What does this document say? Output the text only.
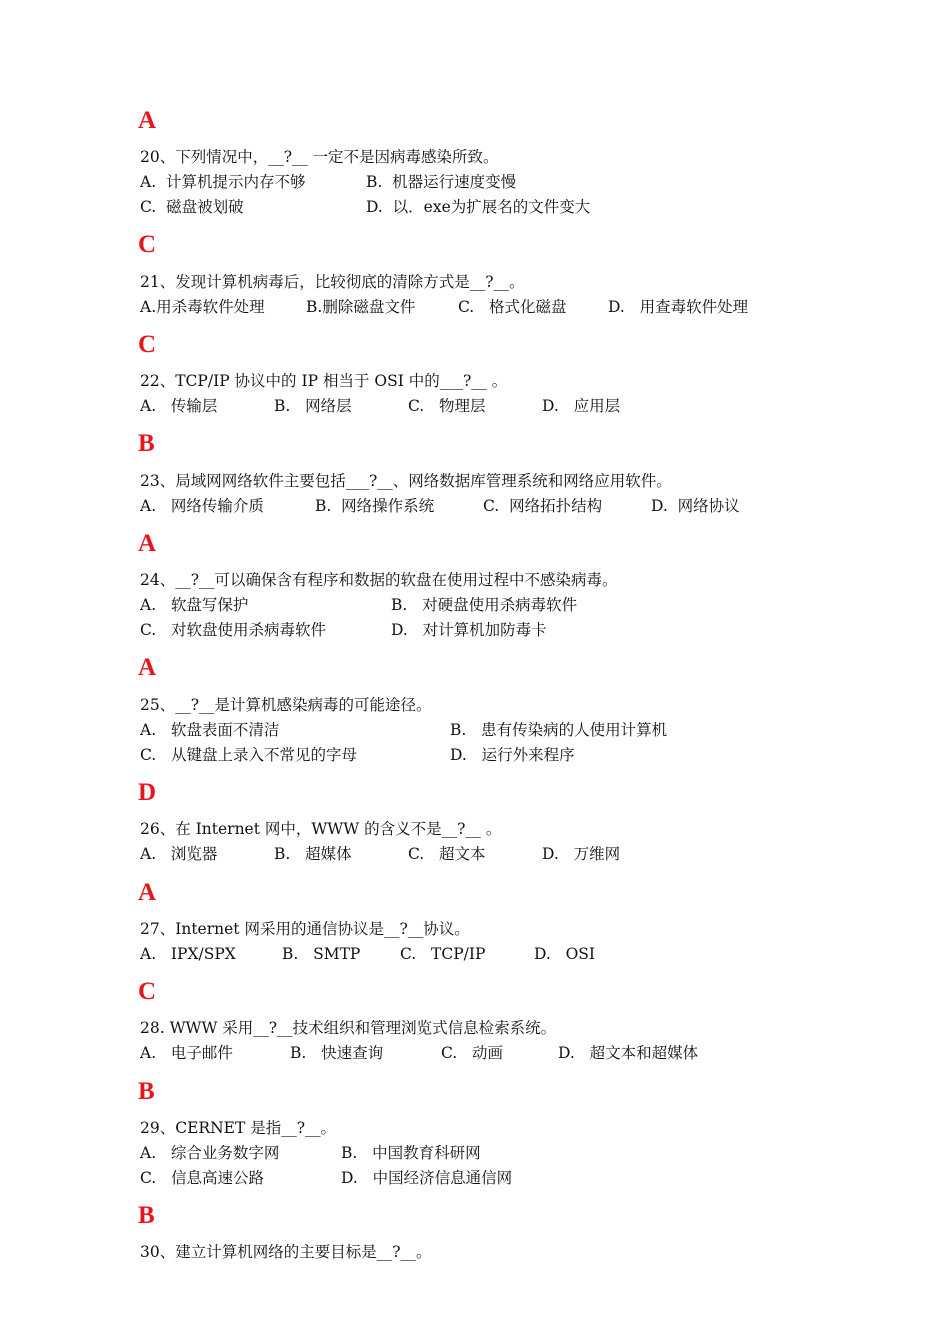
A
20、下列情况中，__?__ 一定不是因病毒感染所致。
A.  计算机提示内存不够	B.  机器运行速度变慢
C.  磁盘被划破	D.  以．exe为扩展名的文件变大
C
21、发现计算机病毒后，比较彻底的清除方式是__?__。
A.用杀毒软件处理	B.删除磁盘文件	C.   格式化磁盘	D.   用查毒软件处理
C
22、TCP/IP 协议中的 IP 相当于 OSI 中的___?__ 。
A.   传输层	B.   网络层	C.   物理层	D.   应用层
B
23、局域网网络软件主要包括___?__、网络数据库管理系统和网络应用软件。
A.   网络传输介质	B.  网络操作系统	C.  网络拓扑结构	D.  网络协议
A
24、__?__可以确保含有程序和数据的软盘在使用过程中不感染病毒。
A.   软盘写保护	B.   对硬盘使用杀病毒软件
C.   对软盘使用杀病毒软件	D.   对计算机加防毒卡
A
25、__?__是计算机感染病毒的可能途径。
A.   软盘表面不清洁	B.   患有传染病的人使用计算机
C.   从键盘上录入不常见的字母	D.   运行外来程序
D
26、在 Internet 网中，WWW 的含义不是__?__ 。
A.   浏览器	B.   超媒体	C.   超文本	D.   万维网
A
27、Internet 网采用的通信协议是__?__协议。
A.   IPX/SPX	B.   SMTP	C.   TCP/IP	D.   OSI
C
28. WWW 采用__?__技术组织和管理浏览式信息检索系统。
A.   电子邮件	B.   快速查询	C.   动画	D.   超文本和超媒体
B
29、CERNET 是指__?__。
A.   综合业务数字网	B.   中国教育科研网
C.   信息高速公路	D.   中国经济信息通信网
B
30、建立计算机网络的主要目标是__?__。
